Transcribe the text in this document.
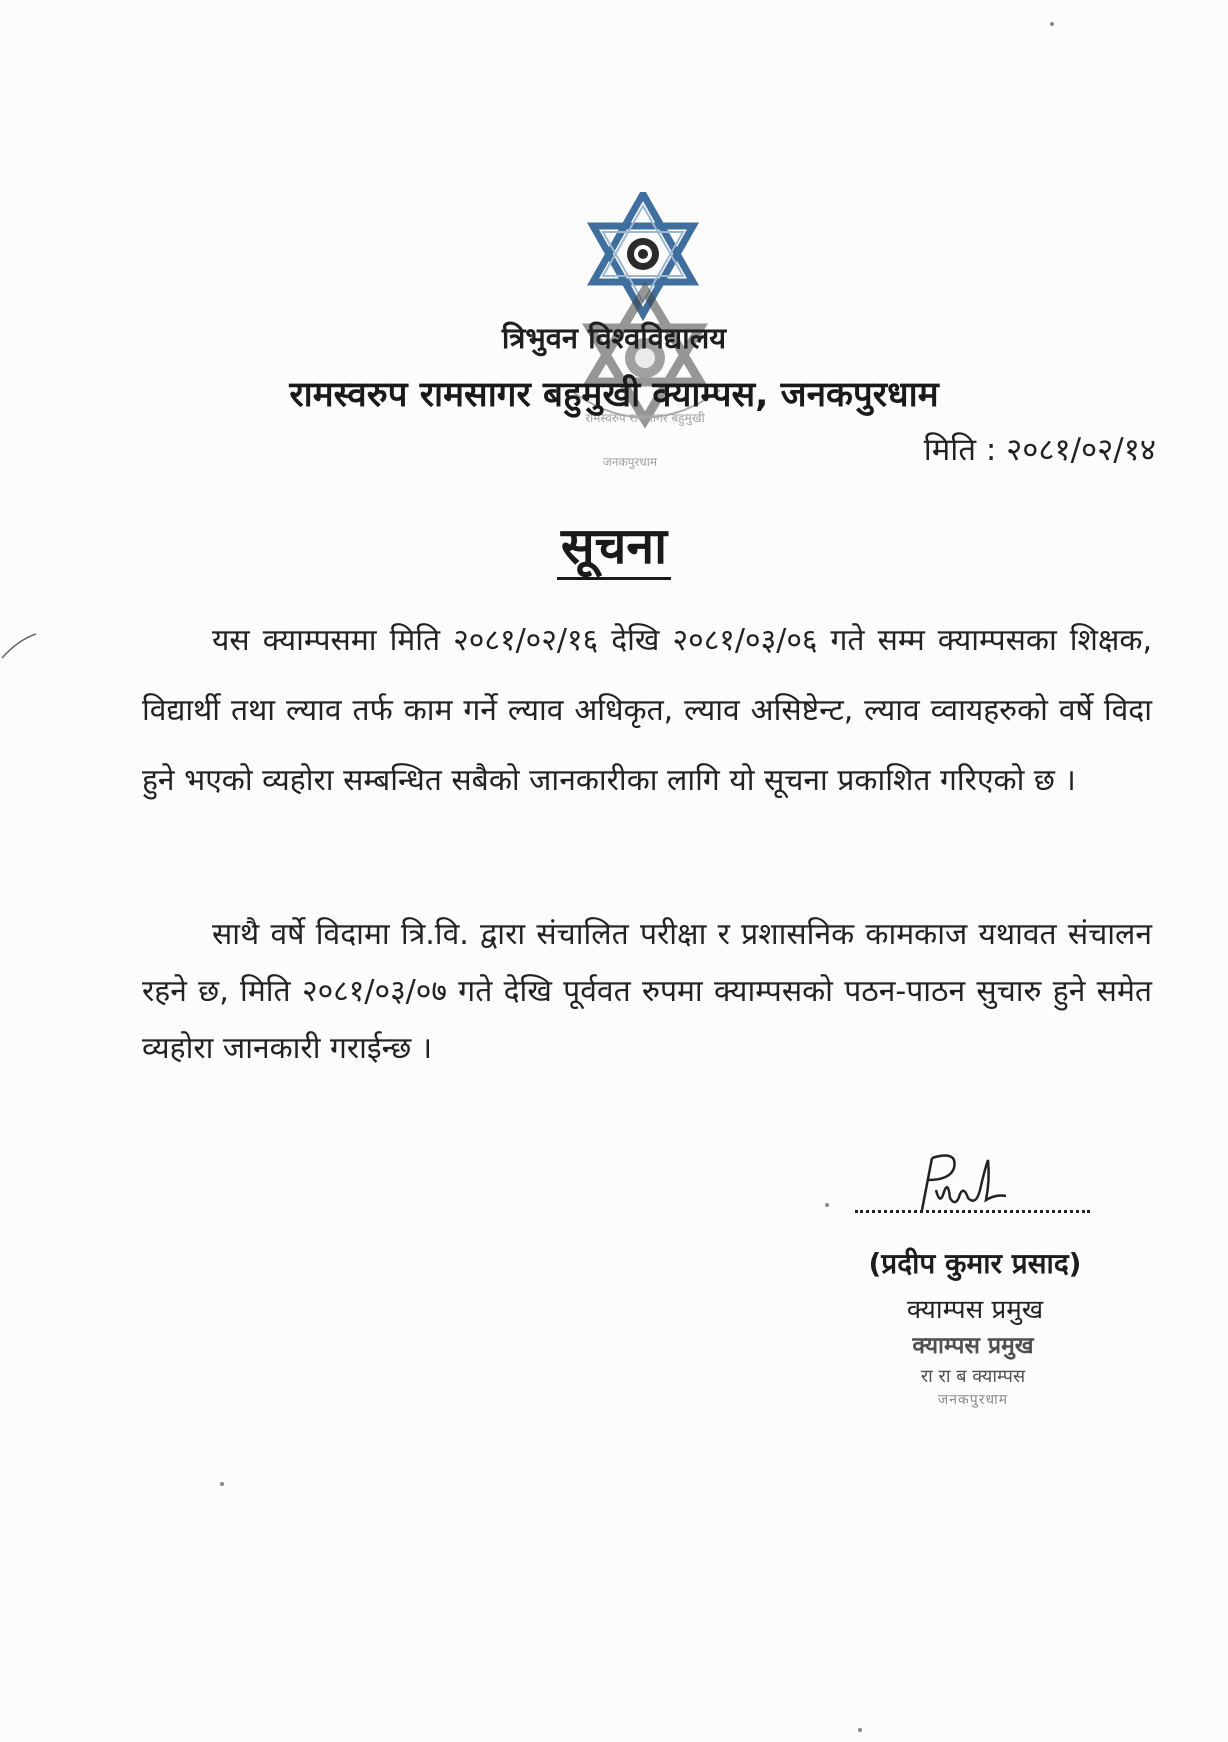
रामस्वरुप रामसागर बहुमुखी
जनकपुरधाम
त्रिभुवन विश्वविद्यालय
रामस्वरुप रामसागर बहुमुखी क्याम्पस, जनकपुरधाम
मिति : २०८१/०२/१४
सूचना
यस क्याम्पसमा मिति २०८१/०२/१६ देखि २०८१/०३/०६ गते सम्म क्याम्पसका शिक्षक, विद्यार्थी तथा ल्याव तर्फ काम गर्ने ल्याव अधिकृत, ल्याव असिष्टेन्ट, ल्याव व्वायहरुको वर्षे विदा हुने भएको व्यहोरा सम्बन्धित सबैको जानकारीका लागि यो सूचना प्रकाशित गरिएको छ ।
साथै वर्षे विदामा त्रि.वि. द्वारा संचालित परीक्षा र प्रशासनिक कामकाज यथावत संचालन रहने छ, मिति २०८१/०३/०७ गते देखि पूर्ववत रुपमा क्याम्पसको पठन-पाठन सुचारु हुने समेत व्यहोरा जानकारी गराईन्छ ।
(प्रदीप कुमार प्रसाद)
क्याम्पस प्रमुख
क्याम्पस प्रमुख
रा रा ब क्याम्पस
जनकपुरधाम
